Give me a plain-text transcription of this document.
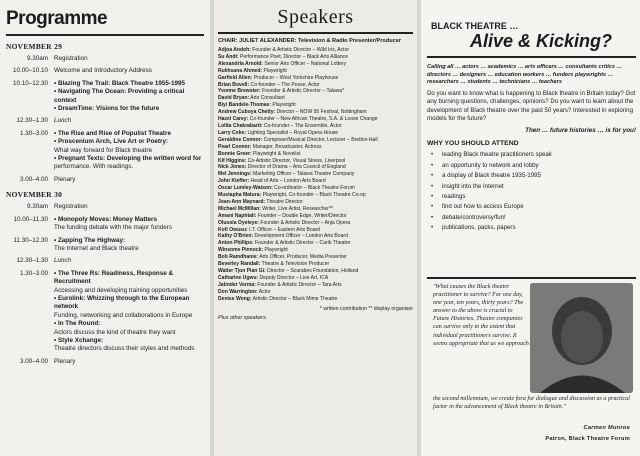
Programme
NOVEMBER 29
9.30am Registration
10.00–10.10 Welcome and Introductory Address
10.10–12.30 • Blazing The Trail: Black Theatre 1955-1995
• Navigating The Ocean: Providing a critical context
• DreamTime: Visions for the future
12.30–1.30 Lunch
1.30–3.00 • The Rise and Rise of Populist Theatre
• Proscenium Arch, Live Art or Poetry:
What way forward for Black theatre
• Pregnant Texts: Developing the written word for
performance. With readings.
3.00–4.00 Plenary
NOVEMBER 30
9.30am Registration
10.00–11.30 • Monopoly Moves: Money Matters
The funding debate with the major funders
11.30–12.30 • Zapping The Highway:
The Internet and Black theatre
12.30–1.30 Lunch
1.30–3.00 • The Three Rs: Readiness, Response & Recruitment
Accessing and developing training opportunities
• Eurolink: Whizzing through to the European network
Funding, networking and collaborations in Europe
• In The Round:
Actors discuss the kind of theatre they want
• Style Xchange:
Theatre directors discuss their styles and methods
3.00–4.00 Plenary
Speakers
CHAIR: JULIET ALEXANDER: Television & Radio Presenter/Producer
Adjoa Andoh: Founder & Artistic Director – Wild Iris, Actor
Su Andi: Performance Poet, Director – Black Arts Alliance
Alexandria Arnold: Senior Arts Officer – National Lottery
Rukhsana Ahmed: Playwright
Garfield Allen: Producer – West Yorkshire Playhouse
Brian Bovell: Co-founder – The Posse, Actor
Yvonne Brewster: Founder & Artistic Director – Talawa*
David Bryan: Arts Consultant
Biyi Bandele-Thomas: Playwright
Andrew Cuboya Chetty: Director – NOW 95 Festival, Nottingham
Hazel Carey: Co-founder – New African Theatre, S.A. & Loose Change
Lolita Chakrabarti: Co-founder – The Ensemble, Actor
Larry Coke: Lighting Specialist – Royal Opera House
Geraldine Connor: Composer/Musical Director, Lecturer – Bretton Hall
Pearl Connor: Manager, Broadcaster, Actress
Bonnie Greer: Playwright & Novelist
Kif Higgins: Co-Artistic Director, Visual Stress, Liverpool
Nick Jones: Director of Drama – Arts Council of England
Mel Jennings: Marketing Officer – Talawa Theatre Company
John Kieffer: Head of Arts – London Arts Board
Oscar Lumley-Watson: Co-ordinator – Black Theatre Forum
Mustapha Matura: Playwright, Co-founder – Black Theatre Co-op
Joan-Ann Maynard: Theatre Director
Michael McMillan: Writer, Live Artist, Researcher**
Amani Naphtali: Founder – Double Edge, Writer/Director
Olusola Oyeleye: Founder & Artistic Director – Anja Opera
Kofi Owusu: I.T. Officer – Eastern Arts Board
Kathy O'Brien: Development Officer – London Arts Board
Anton Phillips: Founder & Artistic Director – Carib Theatre
Winsome Pinnock: Playwright
Bob Ramdhanie: Arts Officer, Producer, Media Presenter
Beverley Randall: Theatre & Television Producer
Walter Tjon Pian Gi: Director – Scarabes Foundation, Holland
Catharine Ugwu: Deputy Director – Live Art, ICA
Jatinder Verma: Founder & Artistic Director – Tara Arts
Don Warrington: Actor
Denise Wong: Artistic Director – Black Mime Theatre
* written contribution ** display organiser
Plus other speakers.
BLACK THEATRE …
Alive & Kicking?
Calling all … actors … academics … arts officers … consultants critics … directors … designers … education workers … funders playwrights … researchers … students … technicians … teachers
Do you want to know what is happening to Black theatre in Britain today? Got any burning questions, challenges, opinions? Do you want to learn about the development of Black theatre over the past 50 years? Interested in exploring models for the future?
Then … future histories … is for you!
WHY YOU SHOULD ATTEND
• leading Black theatre practitioners speak
• an opportunity to network and lobby
• a display of Black theatre 1935-1995
• insight into the Internet
• readings
• find out how to access Europe
• debate/controversy/fun!
• publications, packs, papers
"What causes the Black theatre practitioner to survive? For one day, one year, ten years, thirty years? The answer to the above is crucial to Future Histories. Theatre companies can survive only to the extent that individual practitioners survive. It seems appropriate that as we approach
the second millennium, we create fora for dialogue and discussion as a practical factor in the advancement of Black theatre in Britain."
Carmen Munroe
Patron, Black Theatre Forum
